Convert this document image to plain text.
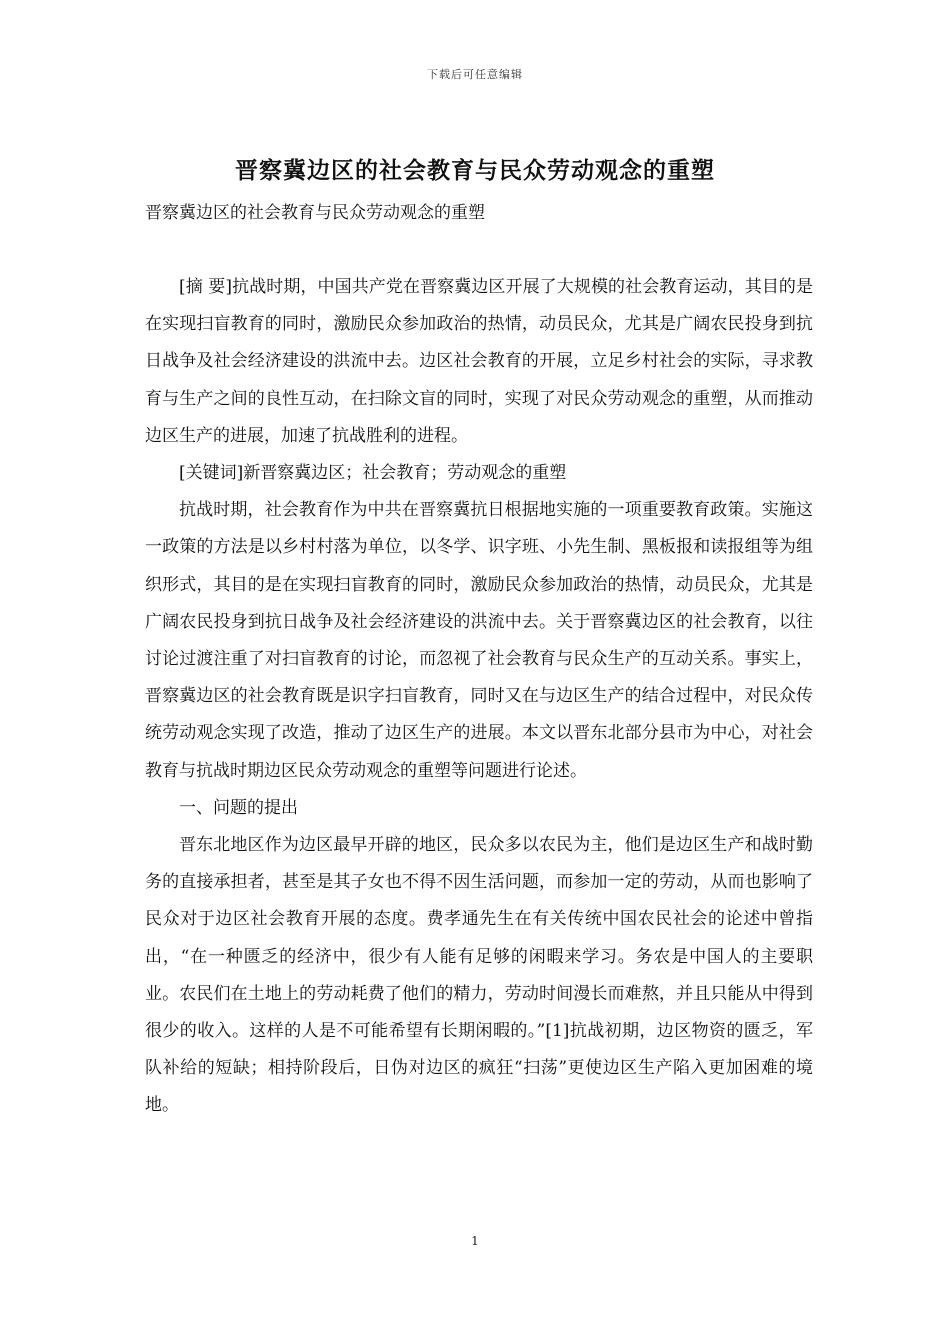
下载后可任意编辑
晋察冀边区的社会教育与民众劳动观念的重塑

晋察冀边区的社会教育与民众劳动观念的重塑

[摘 要]抗战时期，中国共产党在晋察冀边区开展了大规模的社会教育运动，其目的是在实现扫盲教育的同时，激励民众参加政治的热情，动员民众，尤其是广阔农民投身到抗日战争及社会经济建设的洪流中去。边区社会教育的开展，立足乡村社会的实际，寻求教育与生产之间的良性互动，在扫除文盲的同时，实现了对民众劳动观念的重塑，从而推动边区生产的进展，加速了抗战胜利的进程。

[关键词]新晋察冀边区；社会教育；劳动观念的重塑

抗战时期，社会教育作为中共在晋察冀抗日根据地实施的一项重要教育政策。实施这一政策的方法是以乡村村落为单位，以冬学、识字班、小先生制、黑板报和读报组等为组织形式，其目的是在实现扫盲教育的同时，激励民众参加政治的热情，动员民众，尤其是广阔农民投身到抗日战争及社会经济建设的洪流中去。关于晋察冀边区的社会教育，以往讨论过渡注重了对扫盲教育的讨论，而忽视了社会教育与民众生产的互动关系。事实上，晋察冀边区的社会教育既是识字扫盲教育，同时又在与边区生产的结合过程中，对民众传统劳动观念实现了改造，推动了边区生产的进展。本文以晋东北部分县市为中心，对社会教育与抗战时期边区民众劳动观念的重塑等问题进行论述。

一、问题的提出

晋东北地区作为边区最早开辟的地区，民众多以农民为主，他们是边区生产和战时勤务的直接承担者，甚至是其子女也不得不因生活问题，而参加一定的劳动，从而也影响了民众对于边区社会教育开展的态度。费孝通先生在有关传统中国农民社会的论述中曾指出，“在一种匮乏的经济中，很少有人能有足够的闲暇来学习。务农是中国人的主要职业。农民们在土地上的劳动耗费了他们的精力，劳动时间漫长而难熬，并且只能从中得到很少的收入。这样的人是不可能希望有长期闲暇的。”[1]抗战初期，边区物资的匮乏，军队补给的短缺；相持阶段后，日伪对边区的疯狂“扫荡”更使边区生产陷入更加困难的境地。

1
